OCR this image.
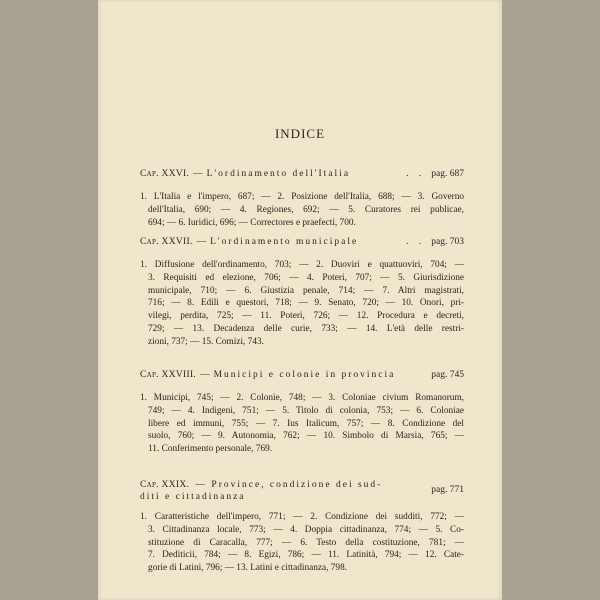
INDICE
Cap. XXVI. — L'ordinamento dell'Italia	. . pag. 687
1. L'Italia e l'impero, 687; — 2. Posizione dell'Italia, 688; — 3. Governo
dell'Italia, 690; — 4. Regiones, 692; — 5. Curatores rei publicae,
694; — 6. Iuridici, 696; — Correctores e praefecti, 700.
Cap. XXVII. — L'ordinamento municipale	. . pag. 703
1. Diffusione dell'ordinamento, 703; — 2. Duoviri e quattuoviri, 704; —
3. Requisiti ed elezione, 706; — 4. Poteri, 707; — 5. Giurisdizione
municipale, 710; — 6. Giustizia penale, 714; — 7. Altri magistrati,
716; — 8. Edili e questori, 718; — 9. Senato, 720; — 10. Onori, pri-
vilegi, perdita, 725; — 11. Poteri, 726; — 12. Procedura e decreti,
729; — 13. Decadenza delle curie, 733; — 14. L'età delle restri-
zioni, 737; — 15. Comizi, 743.
Cap. XXVIII. — Municipi e colonie in provincia	pag. 745
1. Municipi, 745; — 2. Colonie, 748; — 3. Coloniae civium Romanorum,
749; — 4. Indigeni, 751; — 5. Titolo di colonia, 753; — 6. Coloniae
libere ed immuni, 755; — 7. Ius Italicum, 757; — 8. Condizione del
suolo, 760; — 9. Autonomia, 762; — 10. Simbolo di Marsia, 765; —
11. Conferimento personale, 769.
Cap. XXIX. — Province, condizione dei sud-
diti e cittadinanza
pag. 771
1. Caratteristiche dell'impero, 771; — 2. Condizione dei sudditi, 772; —
3. Cittadinanza locale, 773; — 4. Doppia cittadinanza, 774; — 5. Co-
stituzione di Caracalla, 777; — 6. Testo della costituzione, 781; —
7. Dediticii, 784; — 8. Egizi, 786; — 11. Latinità, 794; — 12. Cate-
gorie di Latini, 796; — 13. Latini e cittadinanza, 798.
